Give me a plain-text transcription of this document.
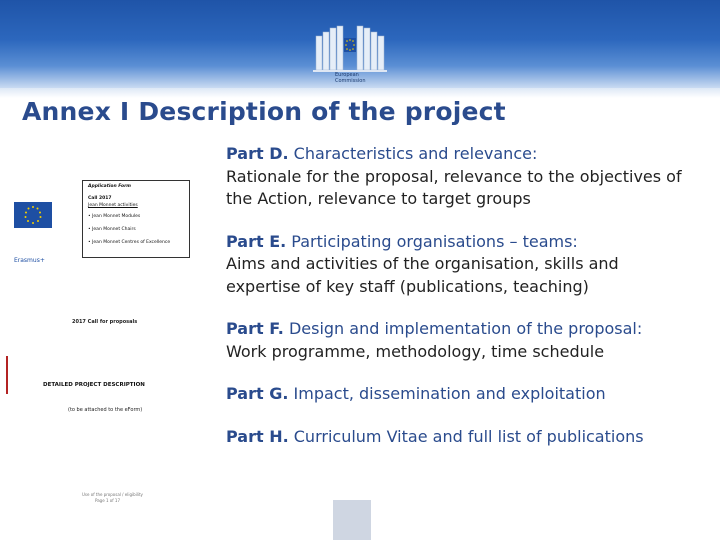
European
Commission
Annex I Description of the project
Application Form
Call 2017
Jean Monnet activities
• Jean Monnet Modules
• Jean Monnet Chairs
• Jean Monnet Centres of Excellence
Erasmus+
2017 Call for proposals
DETAILED PROJECT DESCRIPTION
(to be attached to the eForm)
Use of the proposal / eligibility
Page 1 of 17

Part D. Characteristics and relevance:
Rationale for the proposal, relevance to the objectives of the Action, relevance to target groups

Part E. Participating organisations – teams:
Aims and activities of the organisation, skills and expertise of key staff (publications, teaching)

Part F. Design and implementation of the proposal:
Work programme, methodology, time schedule

Part G. Impact, dissemination and exploitation

Part H. Curriculum Vitae and full list of publications
